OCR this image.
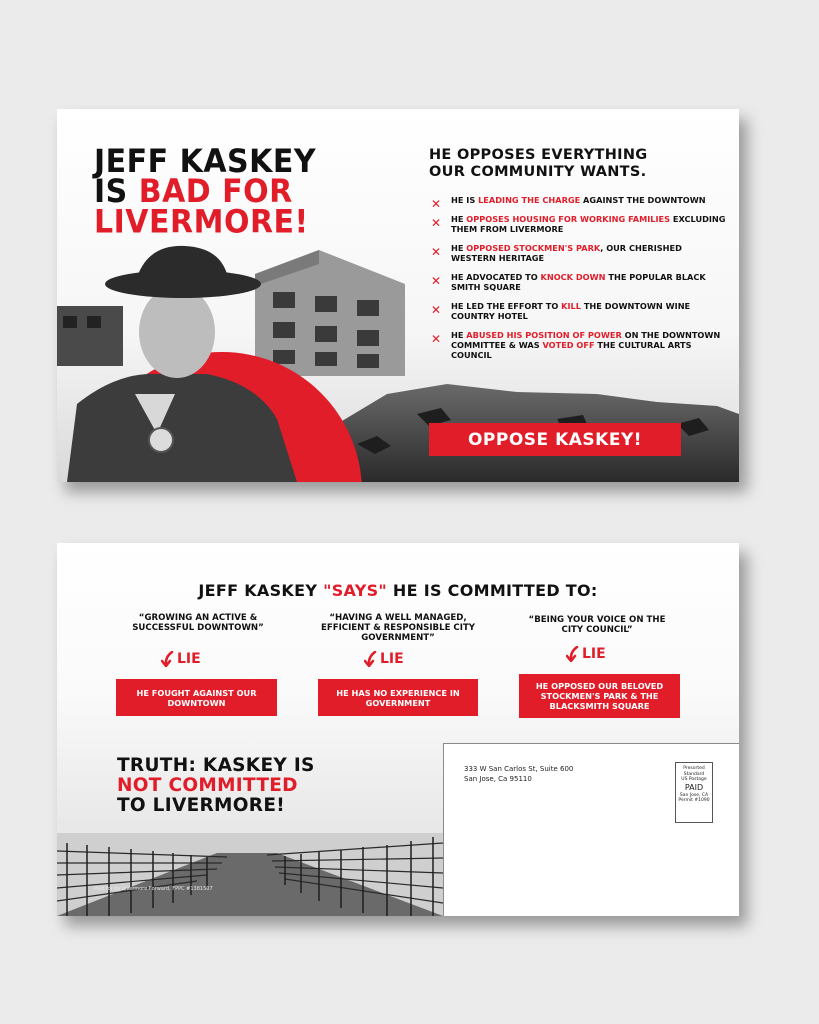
JEFF KASKEY
IS BAD FOR
LIVERMORE!
HE OPPOSES EVERYTHING
OUR COMMUNITY WANTS.
✕ HE IS LEADING THE CHARGE AGAINST THE DOWNTOWN
✕ HE OPPOSES HOUSING FOR WORKING FAMILIES EXCLUDING THEM FROM LIVERMORE
✕ HE OPPOSED STOCKMEN'S PARK, OUR CHERISHED WESTERN HERITAGE
✕ HE ADVOCATED TO KNOCK DOWN THE POPULAR BLACK SMITH SQUARE
✕ HE LED THE EFFORT TO KILL THE DOWNTOWN WINE COUNTRY HOTEL
✕ HE ABUSED HIS POSITION OF POWER ON THE DOWNTOWN COMMITTEE & WAS VOTED OFF THE CULTURAL ARTS COUNCIL
OPPOSE KASKEY!
JEFF KASKEY "SAYS" HE IS COMMITTED TO:
“GROWING AN ACTIVE & SUCCESSFUL DOWNTOWN”
LIE
HE FOUGHT AGAINST OUR DOWNTOWN
“HAVING A WELL MANAGED, EFFICIENT & RESPONSIBLE CITY GOVERNMENT”
LIE
HE HAS NO EXPERIENCE IN GOVERNMENT
“BEING YOUR VOICE ON THE CITY COUNCIL”
LIE
HE OPPOSED OUR BELOVED STOCKMEN'S PARK & THE BLACKSMITH SQUARE
TRUTH: KASKEY IS
NOT COMMITTED
TO LIVERMORE!
Paid for by Livermore Forward, FPPC #1381507
333 W San Carlos St, Suite 600
San Jose, Ca 95110
Presorted
Standard
US Postage
PAID
San Jose, CA
Permit #1090
